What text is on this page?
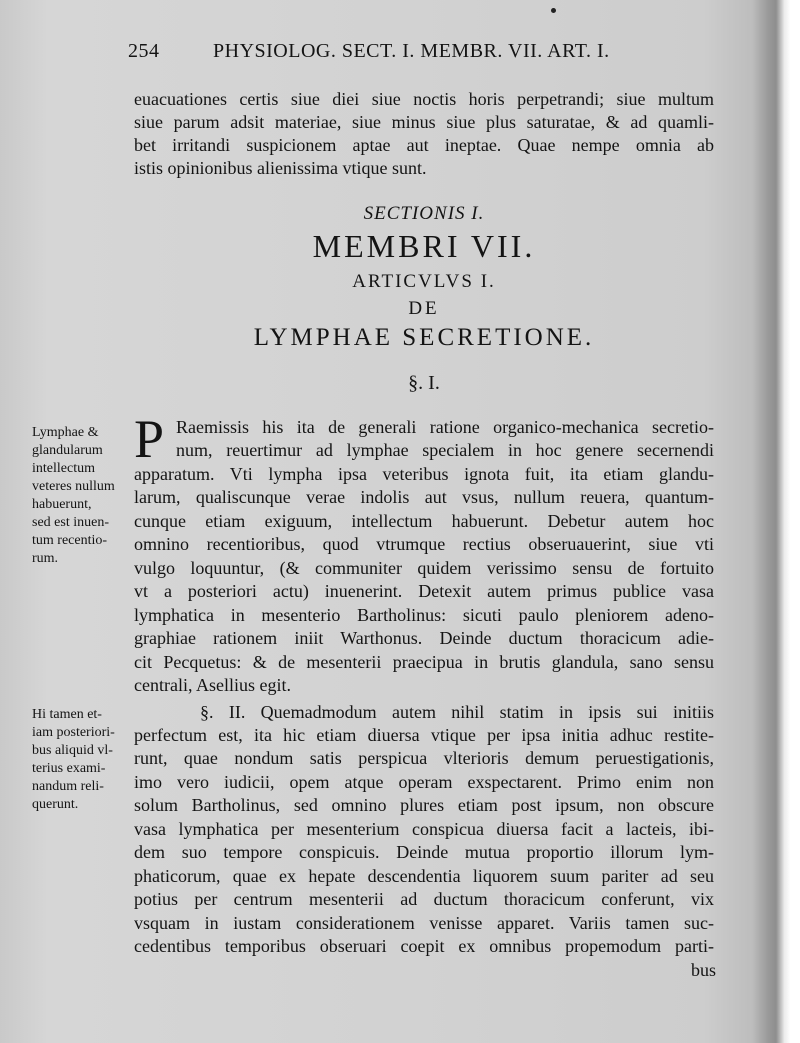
254	PHYSIOLOG. SECT. I. MEMBR. VII. ART. I.
euacuationes certis siue diei siue noctis horis perpetrandi; siue multum
siue parum adsit materiae, siue minus siue plus saturatae, & ad quamli-
bet irritandi suspicionem aptae aut ineptae. Quae nempe omnia ab
istis opinionibus alienissima vtique sunt.
SECTIONIS I.
MEMBRI VII.
ARTICVLVS I.
DE
LYMPHAE SECRETIONE.
§. I.
P Raemissis his ita de generali ratione organico-mechanica secretio-
num, reuertimur ad lymphae specialem in hoc genere secernendi
apparatum. Vti lympha ipsa veteribus ignota fuit, ita etiam glandu-
larum, qualiscunque verae indolis aut vsus, nullum reuera, quantum-
cunque etiam exiguum, intellectum habuerunt. Debetur autem hoc
omnino recentioribus, quod vtrumque rectius obseruauerint, siue vti
vulgo loquuntur, (& communiter quidem verissimo sensu de fortuito
vt a posteriori actu) inuenerint. Detexit autem primus publice vasa
lymphatica in mesenterio Bartholinus: sicuti paulo pleniorem adeno-
graphiae rationem iniit Warthonus. Deinde ductum thoracicum adie-
cit Pecquetus: & de mesenterii praecipua in brutis glandula, sano sensu
centrali, Asellius egit.
§. II. Quemadmodum autem nihil statim in ipsis sui initiis
perfectum est, ita hic etiam diuersa vtique per ipsa initia adhuc restite-
runt, quae nondum satis perspicua vlterioris demum peruestigationis,
imo vero iudicii, opem atque operam exspectarent. Primo enim non
solum Bartholinus, sed omnino plures etiam post ipsum, non obscure
vasa lymphatica per mesenterium conspicua diuersa facit a lacteis, ibi-
dem suo tempore conspicuis. Deinde mutua proportio illorum lym-
phaticorum, quae ex hepate descendentia liquorem suum pariter ad seu
potius per centrum mesenterii ad ductum thoracicum conferunt, vix
vsquam in iustam considerationem venisse apparet. Variis tamen suc-
cedentibus temporibus obseruari coepit ex omnibus propemodum parti-
bus
Lymphae &
glandularum
intellectum
veteres nullum
habuerunt,
sed est inuen-
tum recentio-
rum.
Hi tamen et-
iam posteriori-
bus aliquid vl-
terius exami-
nandum reli-
querunt.
